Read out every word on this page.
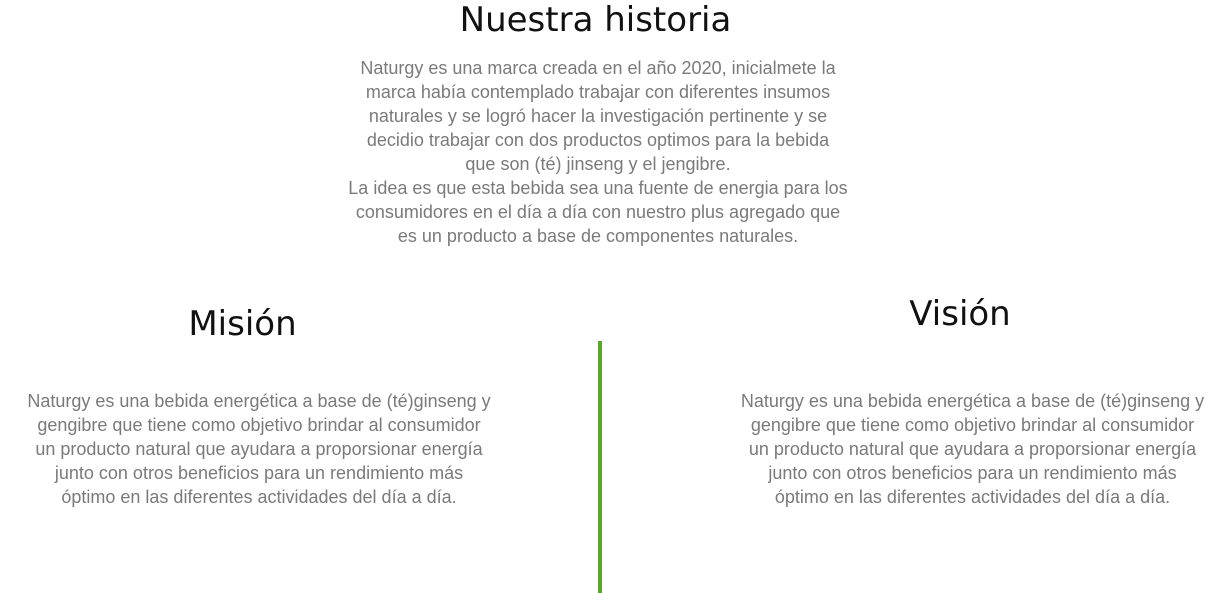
Nuestra historia
Naturgy es una marca creada en el año 2020, inicialmete la
marca había contemplado trabajar con diferentes insumos
naturales y se logró hacer la investigación pertinente y se
decidio trabajar con dos productos optimos para la bebida
que son (té) jinseng y el jengibre.
La idea es que esta bebida sea una fuente de energia para los
consumidores en el día a día con nuestro plus agregado que
es un producto a base de componentes naturales.
Misión
Naturgy es una bebida energética a base de (té)ginseng y
gengibre que tiene como objetivo brindar al consumidor
un producto natural que ayudara a proporsionar energía
junto con otros beneficios para un rendimiento más
óptimo en las diferentes actividades del día a día.
Visión
Naturgy es una bebida energética a base de (té)ginseng y
gengibre que tiene como objetivo brindar al consumidor
un producto natural que ayudara a proporsionar energía
junto con otros beneficios para un rendimiento más
óptimo en las diferentes actividades del día a día.
